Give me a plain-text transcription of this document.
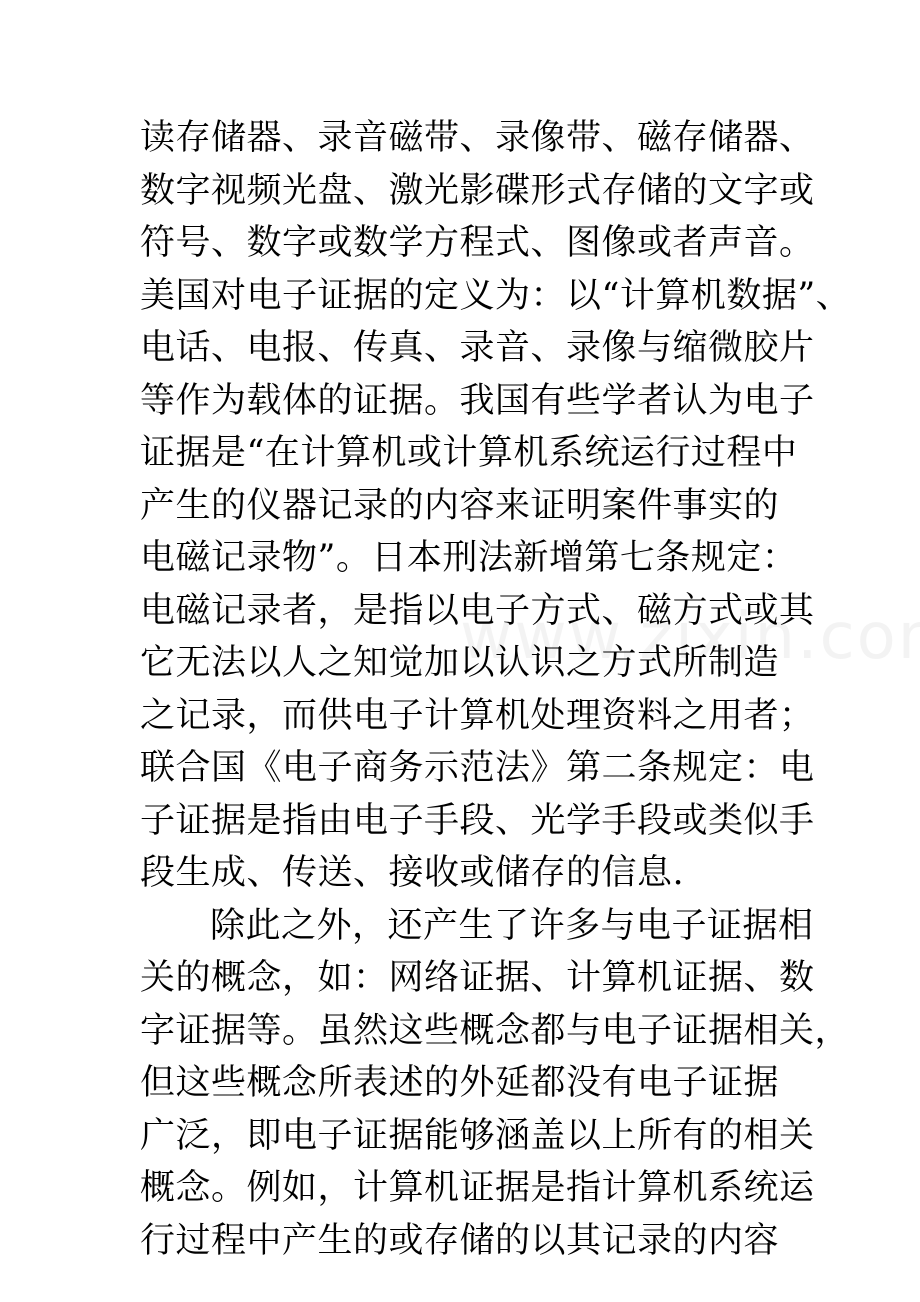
读存储器、录音磁带、录像带、磁存储器、
数字视频光盘、激光影碟形式存储的文字或
符号、数字或数学方程式、图像或者声音。
美国对电子证据的定义为：以“计算机数据”、
电话、电报、传真、录音、录像与缩微胶片
等作为载体的证据。我国有些学者认为电子
证据是“在计算机或计算机系统运行过程中
产生的仪器记录的内容来证明案件事实的
电磁记录物”。日本刑法新增第七条规定：
电磁记录者，是指以电子方式、磁方式或其
它无法以人之知觉加以认识之方式所制造
之记录，而供电子计算机处理资料之用者；
联合国《电子商务示范法》第二条规定：电
子证据是指由电子手段、光学手段或类似手
段生成、传送、接收或储存的信息.
除此之外，还产生了许多与电子证据相
关的概念，如：网络证据、计算机证据、数
字证据等。虽然这些概念都与电子证据相关，
但这些概念所表述的外延都没有电子证据
广泛，即电子证据能够涵盖以上所有的相关
概念。例如，计算机证据是指计算机系统运
行过程中产生的或存储的以其记录的内容
